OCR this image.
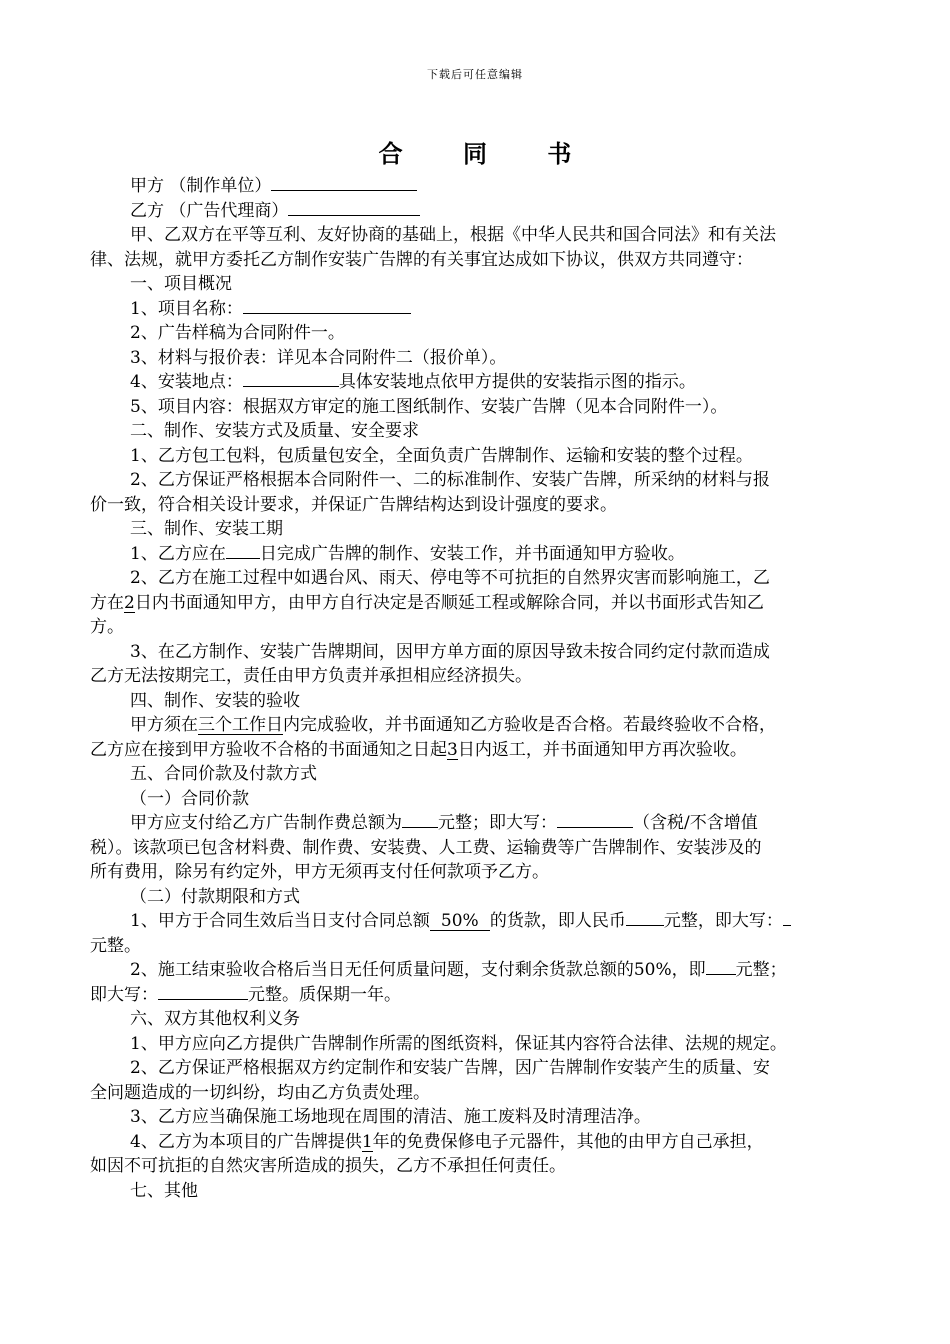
下载后可任意编辑
合 同 书
甲方 （制作单位）
乙方 （广告代理商）
甲、乙双方在平等互利、友好协商的基础上，根据《中华人民共和国合同法》和有关法
律、法规，就甲方委托乙方制作安装广告牌的有关事宜达成如下协议，供双方共同遵守：
一、项目概况
1、项目名称：
2、广告样稿为合同附件一。
3、材料与报价表：详见本合同附件二（报价单）。
4、安装地点：	具体安装地点依甲方提供的安装指示图的指示。
5、项目内容：根据双方审定的施工图纸制作、安装广告牌（见本合同附件一）。
二、制作、安装方式及质量、安全要求
1、乙方包工包料，包质量包安全，全面负责广告牌制作、运输和安装的整个过程。
2、乙方保证严格根据本合同附件一、二的标准制作、安装广告牌，所采纳的材料与报
价一致，符合相关设计要求，并保证广告牌结构达到设计强度的要求。
三、制作、安装工期
1、乙方应在 日完成广告牌的制作、安装工作，并书面通知甲方验收。
2、乙方在施工过程中如遇台风、雨天、停电等不可抗拒的自然界灾害而影响施工，乙
方在2日内书面通知甲方，由甲方自行决定是否顺延工程或解除合同，并以书面形式告知乙
方。
3、在乙方制作、安装广告牌期间，因甲方单方面的原因导致未按合同约定付款而造成
乙方无法按期完工，责任由甲方负责并承担相应经济损失。
四、制作、安装的验收
甲方须在三个工作日内完成验收，并书面通知乙方验收是否合格。若最终验收不合格，
乙方应在接到甲方验收不合格的书面通知之日起3日内返工，并书面通知甲方再次验收。
五、合同价款及付款方式
（一）合同价款
甲方应支付给乙方广告制作费总额为 元整；即大写：	（含税/不含增值
税）。该款项已包含材料费、制作费、安装费、人工费、运输费等广告牌制作、安装涉及的
所有费用，除另有约定外，甲方无须再支付任何款项予乙方。
（二）付款期限和方式
1、甲方于合同生效后当日支付合同总额 50% 的货款，即人民币 元整，即大写：
元整。
2、施工结束验收合格后当日无任何质量问题，支付剩余货款总额的50%，即 元整；
即大写：	元整。质保期一年。
六、双方其他权利义务
1、甲方应向乙方提供广告牌制作所需的图纸资料，保证其内容符合法律、法规的规定。
2、乙方保证严格根据双方约定制作和安装广告牌，因广告牌制作安装产生的质量、安
全问题造成的一切纠纷，均由乙方负责处理。
3、乙方应当确保施工场地现在周围的清洁、施工废料及时清理洁净。
4、乙方为本项目的广告牌提供1年的免费保修电子元器件，其他的由甲方自己承担，
如因不可抗拒的自然灾害所造成的损失，乙方不承担任何责任。
七、其他
